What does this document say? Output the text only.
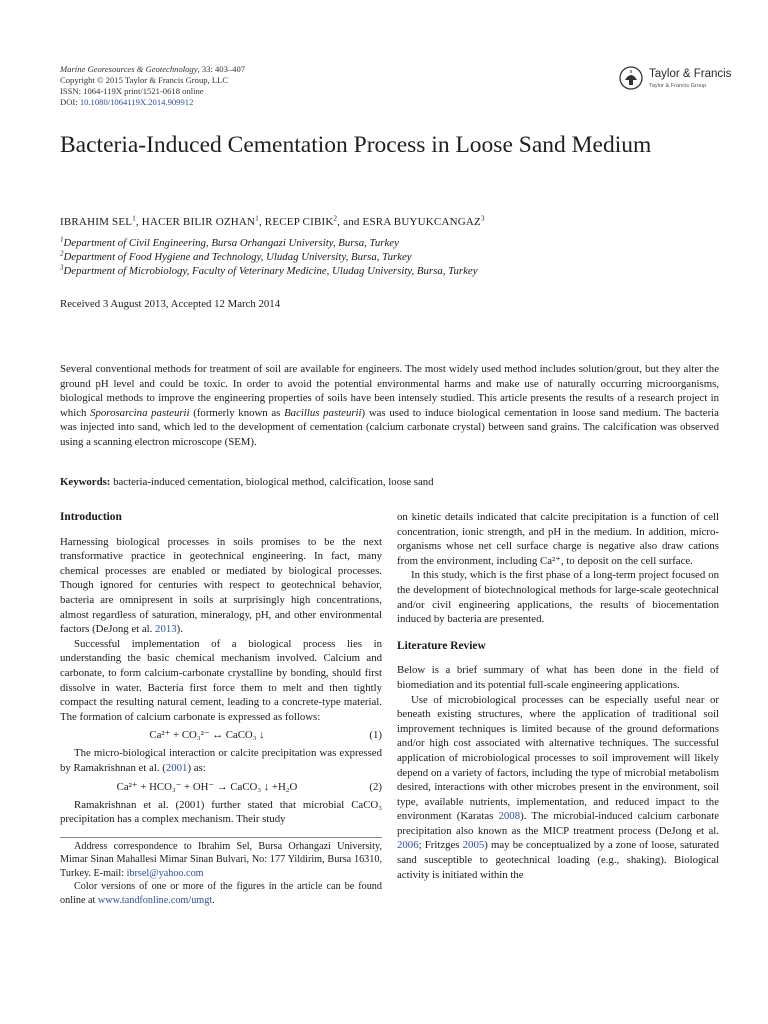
Marine Georesources & Geotechnology, 33: 403–407
Copyright © 2015 Taylor & Francis Group, LLC
ISSN: 1064-119X print/1521-0618 online
DOI: 10.1080/1064119X.2014.909912
Taylor & Francis
Taylor & Francis Group
Bacteria-Induced Cementation Process in Loose Sand Medium
IBRAHIM SEL$^1$, HACER BILIR OZHAN$^1$, RECEP CIBIK$^2$, and ESRA BUYUKCANGAZ$^3$
$^1$Department of Civil Engineering, Bursa Orhangazi University, Bursa, Turkey
$^2$Department of Food Hygiene and Technology, Uludag University, Bursa, Turkey
$^3$Department of Microbiology, Faculty of Veterinary Medicine, Uludag University, Bursa, Turkey
Received 3 August 2013, Accepted 12 March 2014
Several conventional methods for treatment of soil are available for engineers. The most widely used method includes solution/grout, but they alter the ground pH level and could be toxic. In order to avoid the potential environmental harms and make use of naturally occurring microorganisms, biological methods to improve the engineering properties of soils have been intensely studied. This article presents the results of a research project in which Sporosarcina pasteurii (formerly known as Bacillus pasteurii) was used to induce biological cementation in loose sand medium. The bacteria was injected into sand, which led to the development of cementation (calcium carbonate crystal) between sand grains. The calcification was observed using a scanning electron microscope (SEM).
Keywords: bacteria-induced cementation, biological method, calcification, loose sand
Introduction

Harnessing biological processes in soils promises to be the next transformative practice in geotechnical engineering. In fact, many chemical processes are enabled or mediated by biological processes. Though ignored for centuries with respect to geotechnical behavior, bacteria are omnipresent in soils at surprisingly high concentrations, almost regardless of saturation, mineralogy, pH, and other environmental factors (DeJong et al. 2013).

Successful implementation of a biological process lies in understanding the basic chemical mechanism involved. Calcium and carbonate, to form calcium-carbonate crystalline by bonding, should first dissolve in water. Bacteria first force them to melt and then tightly compact the resulting natural cement, leading to a concrete-type material. The formation of calcium carbonate is expressed as follows:

Ca²⁺ + CO₃²⁻ ↔ CaCO₃ ↓	(1)

The micro-biological interaction or calcite precipitation was expressed by Ramakrishnan et al. (2001) as:

Ca²⁺ + HCO₃⁻ + OH⁻ → CaCO₃ ↓ +H₂O	(2)

Ramakrishnan et al. (2001) further stated that microbial CaCO₃ precipitation has a complex mechanism. Their study

Address correspondence to Ibrahim Sel, Bursa Orhangazi University, Mimar Sinan Mahallesi Mimar Sinan Bulvari, No: 177 Yildirim, Bursa 16310, Turkey. E-mail: ibrsel@yahoo.com

Color versions of one or more of the figures in the article can be found online at www.tandfonline.com/umgt.

on kinetic details indicated that calcite precipitation is a function of cell concentration, ionic strength, and pH in the medium. In addition, micro-organisms whose net cell surface charge is negative also draw cations from the environment, including Ca²⁺, to deposit on the cell surface.

In this study, which is the first phase of a long-term project focused on the development of biotechnological methods for large-scale geotechnical and/or civil engineering applications, the results of biocementation induced by bacteria are presented.

Literature Review

Below is a brief summary of what has been done in the field of biomediation and its potential full-scale engineering applications.

Use of microbiological processes can be especially useful near or beneath existing structures, where the application of traditional soil improvement techniques is limited because of the ground deformations and/or high cost associated with alternative techniques. The successful application of microbiological processes to soil improvement will likely depend on a variety of factors, including the type of microbial metabolism desired, interactions with other microbes present in the environment, soil type, available nutrients, implementation, and reduced impact to the environment (Karatas 2008). The microbial-induced calcium carbonate precipitation also known as the MICP treatment process (DeJong et al. 2006; Fritzges 2005) may be conceptualized by a zone of loose, saturated sand susceptible to geotechnical loading (e.g., shaking). Biological activity is initiated within the
